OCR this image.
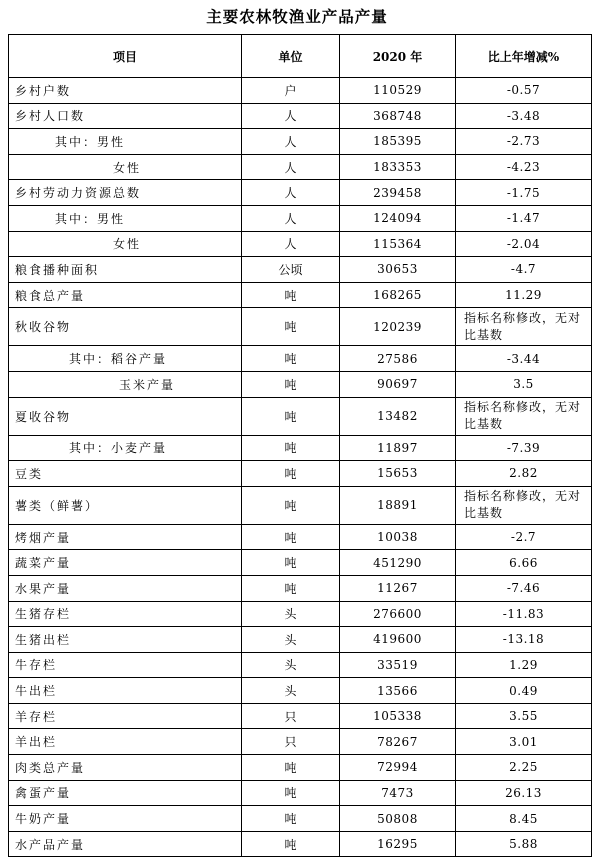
主要农林牧渔业产品产量
项目	单位	2020 年	比上年增减%
乡村户数	户	110529	-0.57
乡村人口数	人	368748	-3.48
其中：男性	人	185395	-2.73
女性	人	183353	-4.23
乡村劳动力资源总数	人	239458	-1.75
其中：男性	人	124094	-1.47
女性	人	115364	-2.04
粮食播种面积	公顷	30653	-4.7
粮食总产量	吨	168265	11.29
秋收谷物	吨	120239	指标名称修改，无对比基数

其中：稻谷产量	吨	27586	-3.44
玉米产量	吨	90697	3.5
夏收谷物	吨	13482	指标名称修改，无对比基数

其中：小麦产量	吨	11897	-7.39
豆类	吨	15653	2.82
薯类（鲜薯）	吨	18891	指标名称修改，无对比基数

烤烟产量	吨	10038	-2.7
蔬菜产量	吨	451290	6.66
水果产量	吨	11267	-7.46
生猪存栏	头	276600	-11.83
生猪出栏	头	419600	-13.18
牛存栏	头	33519	1.29
牛出栏	头	13566	0.49
羊存栏	只	105338	3.55
羊出栏	只	78267	3.01
肉类总产量	吨	72994	2.25
禽蛋产量	吨	7473	26.13
牛奶产量	吨	50808	8.45
水产品产量	吨	16295	5.88
